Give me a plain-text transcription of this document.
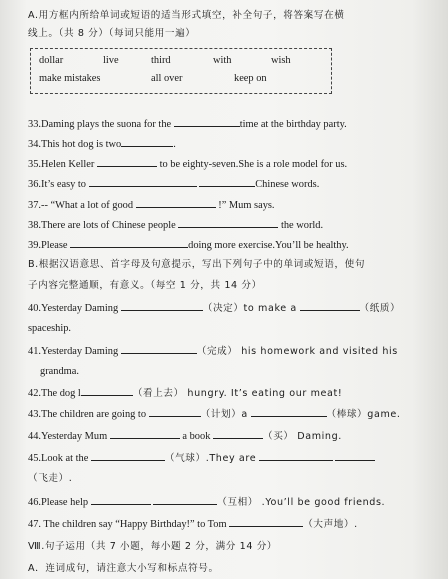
A.用方框内所给单词或短语的适当形式填空，补全句子，将答案写在横
线上。（共 8 分）（每词只能用一遍）
dollar	live	third	with	wish
make mistakes	all over	keep on
33.Daming plays the suona for the	time at the birthday party.
34.This hot dog is two	.
35.Helen Keller	to be eighty-seven.She is a role model for us.
36.It’s easy to	Chinese words.
37.-- “What a lot of good	!” Mum says.
38.There are lots of Chinese people	the world.
39.Please	doing more exercise.You’ll be healthy.
B.根据汉语意思、首字母及句意提示，写出下列句子中的单词或短语，使句
子内容完整通顺，有意义。（每空 1 分，共 14 分）
40.Yesterday Daming	（决定）to make a	（纸质）
spaceship.
41.Yesterday Daming	（完成） his homework and visited his
grandma.
42.The dog l	（看上去） hungry. It’s eating our meat!
43.The children are going to	（计划）a	（棒球）game.
44.Yesterday Mum	a book	（买） Daming.
45.Look at the	（气球）.They are
（飞走）.
46.Please help	（互相） .You’ll be good friends.
47. The children say “Happy Birthday!” to Tom	（大声地）.
Ⅷ.句子运用（共 7 小题，每小题 2 分，满分 14 分）
A．连词成句，请注意大小写和标点符号。
